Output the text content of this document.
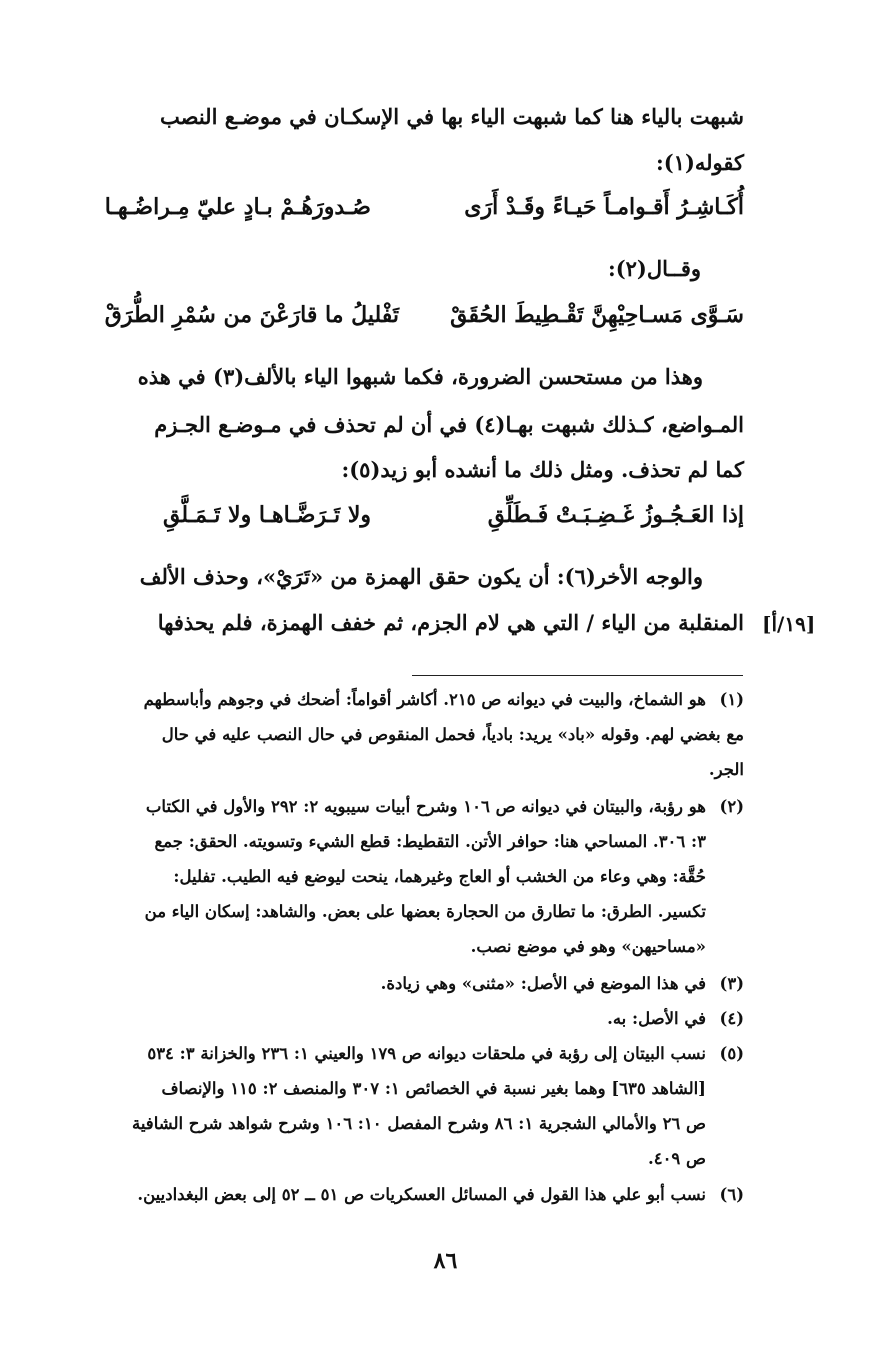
شبهت بالياء هنا كما شبهت الياء بها في الإسكـان في موضـع النصب
كقوله(١):
أُكَـاشِـرُ أَقـوامـاً حَيـاءً وقَـدْ أَرَى
صُـدورَهُـمْ بـادٍ عليّ مِـراضُـهـا
وقــال(٢):
سَـوَّى مَسـاحِيْهِنَّ تَقْـطِيطَ الحُقَقْ
تَفْليلُ ما قارَعْنَ من سُمْرِ الطُّرَقْ
وهذا من مستحسن الضرورة، فكما شبهوا الياء بالألف(٣) في هذه
المـواضع، كـذلك شبهت بهـا(٤) في أن لم تحذف في مـوضـع الجـزم
كما لم تحذف. ومثل ذلك ما أنشده أبو زيد(٥):
إذا العَـجُـوزُ غَـضِـبَـتْ فَـطَلِّقِ
ولا تَـرَضَّـاهـا ولا تَـمَـلَّقِ
والوجه الأخر(٦): أن يكون حقق الهمزة من «تَرَيْ»، وحذف الألف
المنقلبة من الياء / التي هي لام الجزم، ثم خفف الهمزة، فلم يحذفها [١٩/أ]
(١)
هو الشماخ، والبيت في ديوانه ص ٢١٥. أكاشر أقواماً: أضحك في وجوهم وأباسطهم
مع بغضي لهم. وقوله «باد» يريد: بادياً، فحمل المنقوص في حال النصب عليه في حال
الجر.
(٢)
هو رؤبة، والبيتان في ديوانه ص ١٠٦ وشرح أبيات سيبويه ٢: ٢٩٢ والأول في الكتاب
٣: ٣٠٦. المساحي هنا: حوافر الأتن. التقطيط: قطع الشيء وتسويته. الحقق: جمع
حُقَّة: وهي وعاء من الخشب أو العاج وغيرهما، ينحت ليوضع فيه الطيب. تفليل:
تكسير. الطرق: ما تطارق من الحجارة بعضها على بعض. والشاهد: إسكان الياء من
«مساحيهن» وهو في موضع نصب.
(٣)
في هذا الموضع في الأصل: «مثنى» وهي زيادة.
(٤)
في الأصل: به.
(٥)
نسب البيتان إلى رؤبة في ملحقات ديوانه ص ١٧٩ والعيني ١: ٢٣٦ والخزانة ٣: ٥٣٤
[الشاهد ٦٣٥] وهما بغير نسبة في الخصائص ١: ٣٠٧ والمنصف ٢: ١١٥ والإنصاف
ص ٢٦ والأمالي الشجرية ١: ٨٦ وشرح المفصل ١٠: ١٠٦ وشرح شواهد شرح الشافية
ص ٤٠٩.
(٦)
نسب أبو علي هذا القول في المسائل العسكريات ص ٥١ ــ ٥٢ إلى بعض البغداديين.
٨٦
